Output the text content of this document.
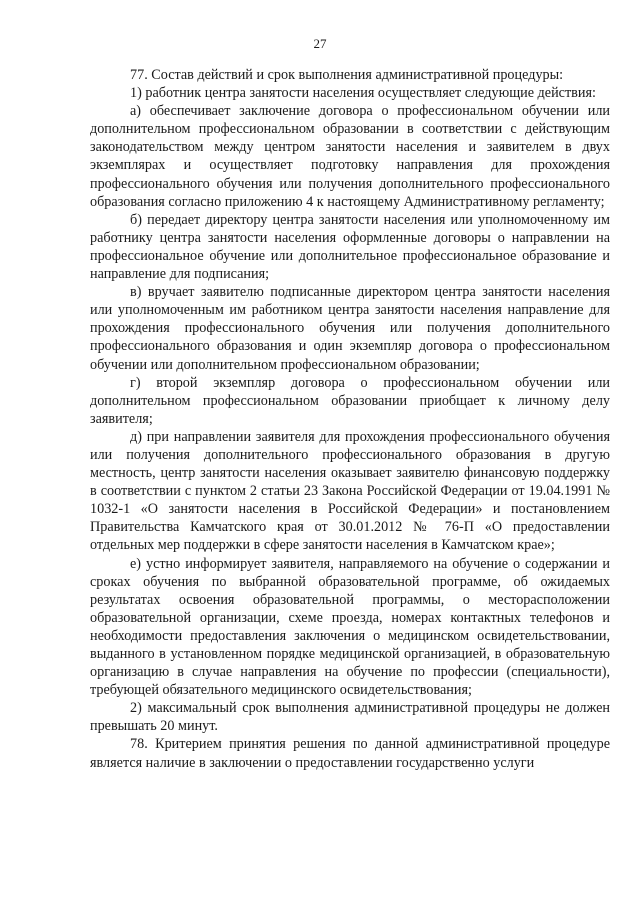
27

77. Состав действий и срок выполнения административной процедуры:

1) работник центра занятости населения осуществляет следующие действия:

а) обеспечивает заключение договора о профессиональном обучении или дополнительном профессиональном образовании в соответствии с действующим законодательством между центром занятости населения и заявителем в двух экземплярах и осуществляет подготовку направления для прохождения профессионального обучения или получения дополнительного профессионального образования согласно приложению 4 к настоящему Административному регламенту;

б) передает директору центра занятости населения или уполномоченному им работнику центра занятости населения оформленные договоры о направлении на профессиональное обучение или дополнительное профессиональное образование и направление для подписания;

в) вручает заявителю подписанные директором центра занятости населения или уполномоченным им работником центра занятости населения направление для прохождения профессионального обучения или получения дополнительного профессионального образования и один экземпляр договора о профессиональном обучении или дополнительном профессиональном образовании;

г) второй экземпляр договора о профессиональном обучении или дополнительном профессиональном образовании приобщает к личному делу заявителя;

д) при направлении заявителя для прохождения профессионального обучения или получения дополнительного профессионального образования в другую местность, центр занятости населения оказывает заявителю финансовую поддержку в соответствии с пунктом 2 статьи 23 Закона Российской Федерации от 19.04.1991 № 1032-1 «О занятости населения в Российской Федерации» и постановлением Правительства Камчатского края от 30.01.2012 № 76-П «О предоставлении отдельных мер поддержки в сфере занятости населения в Камчатском крае»;

е) устно информирует заявителя, направляемого на обучение о содержании и сроках обучения по выбранной образовательной программе, об ожидаемых результатах освоения образовательной программы, о месторасположении образовательной организации, схеме проезда, номерах контактных телефонов и необходимости предоставления заключения о медицинском освидетельствовании, выданного в установленном порядке медицинской организацией, в образовательную организацию в случае направления на обучение по профессии (специальности), требующей обязательного медицинского освидетельствования;

2) максимальный срок выполнения административной процедуры не должен превышать 20 минут.

78. Критерием принятия решения по данной административной процедуре является наличие в заключении о предоставлении государственно услуги
